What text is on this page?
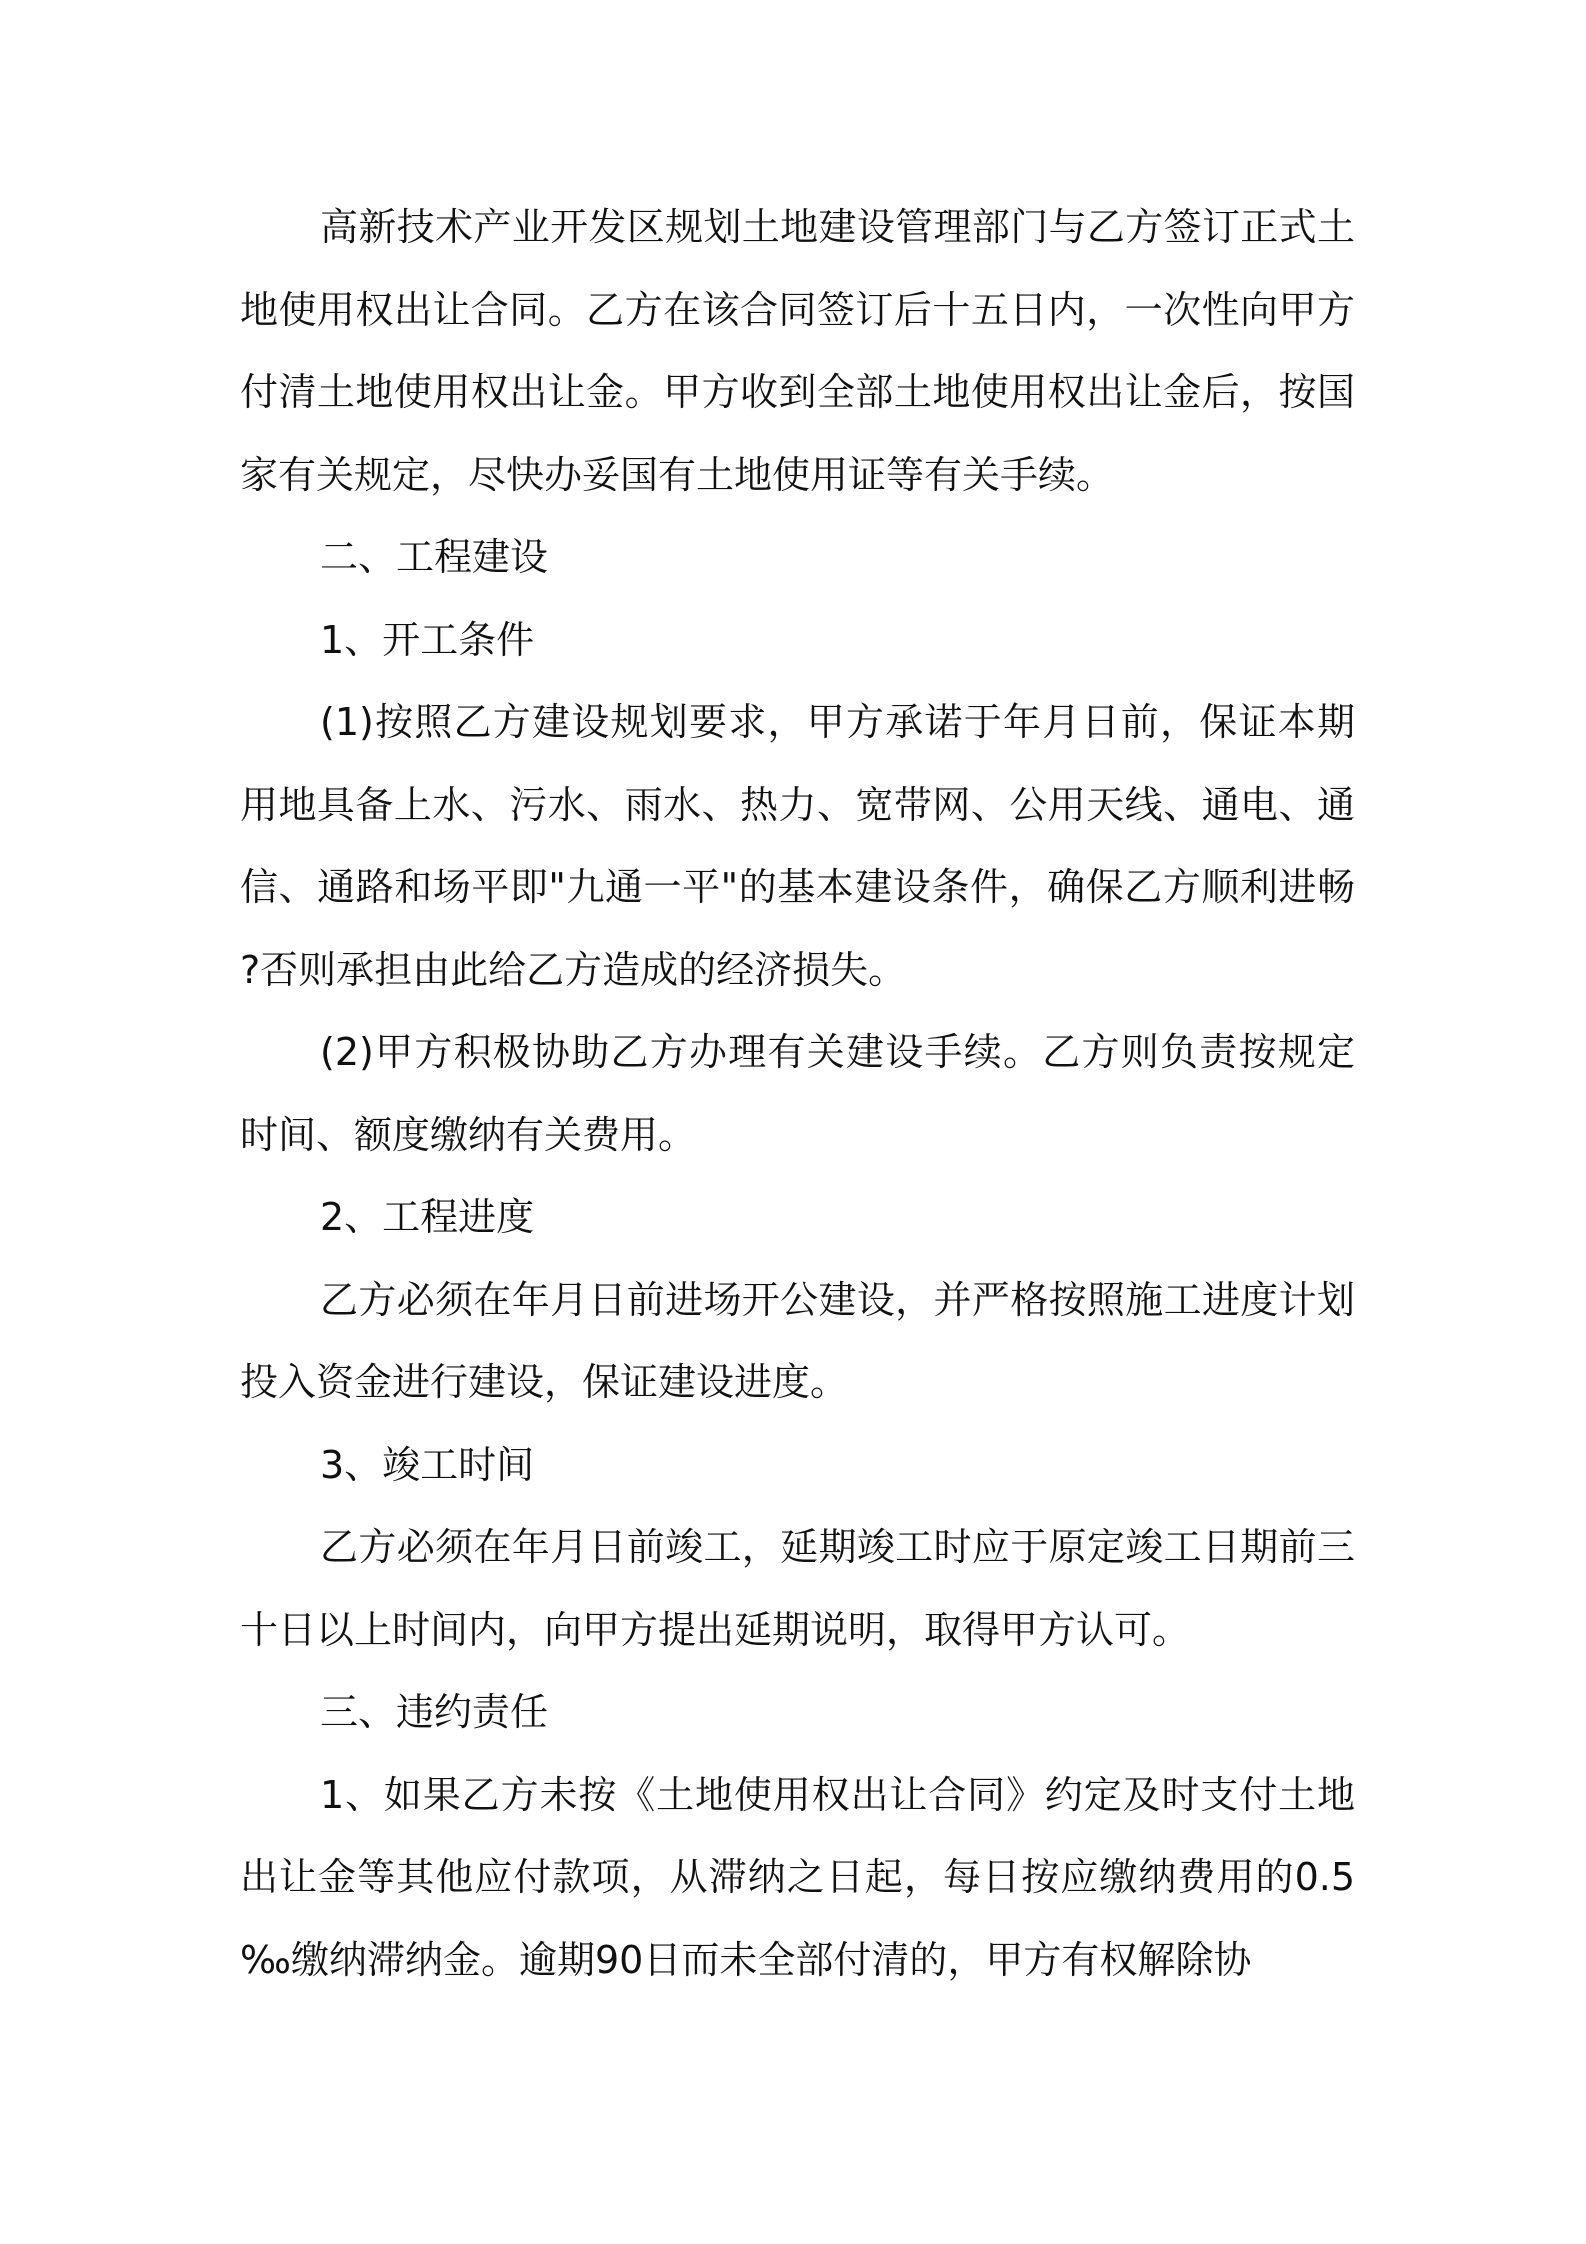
高新技术产业开发区规划土地建设管理部门与乙方签订正式土地使用权出让合同。乙方在该合同签订后十五日内，一次性向甲方付清土地使用权出让金。甲方收到全部土地使用权出让金后，按国家有关规定，尽快办妥国有土地使用证等有关手续。

二、工程建设

1、开工条件

(1)按照乙方建设规划要求，甲方承诺于年月日前，保证本期用地具备上水、污水、雨水、热力、宽带网、公用天线、通电、通信、通路和场平即"九通一平"的基本建设条件，确保乙方顺利进畅?否则承担由此给乙方造成的经济损失。

(2)甲方积极协助乙方办理有关建设手续。乙方则负责按规定时间、额度缴纳有关费用。

2、工程进度

乙方必须在年月日前进场开公建设，并严格按照施工进度计划投入资金进行建设，保证建设进度。

3、竣工时间

乙方必须在年月日前竣工，延期竣工时应于原定竣工日期前三十日以上时间内，向甲方提出延期说明，取得甲方认可。

三、违约责任

1、如果乙方未按《土地使用权出让合同》约定及时支付土地出让金等其他应付款项，从滞纳之日起，每日按应缴纳费用的0.5‰缴纳滞纳金。逾期90日而未全部付清的，甲方有权解除协
